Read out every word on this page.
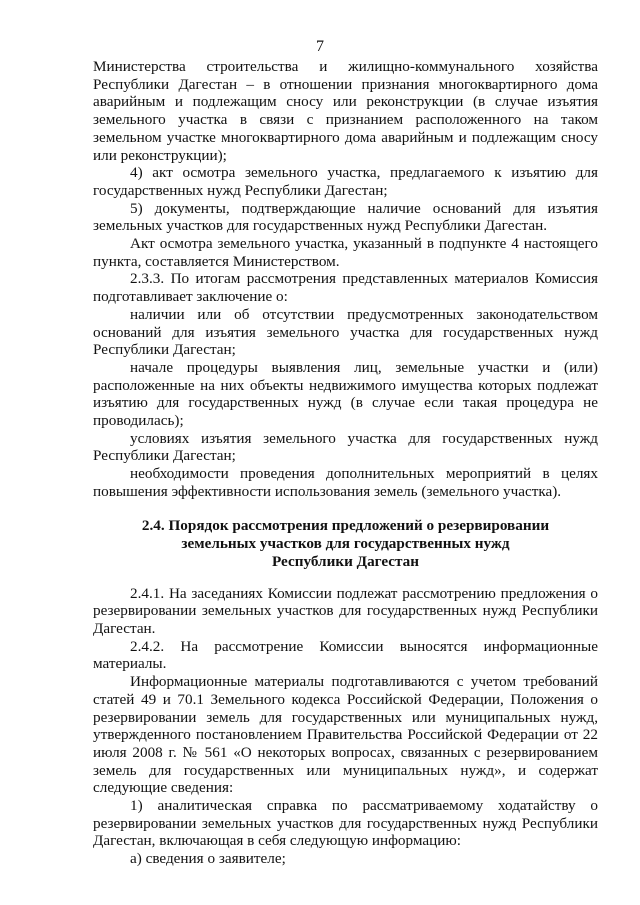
7

Министерства строительства и жилищно-коммунального хозяйства Республики Дагестан – в отношении признания многоквартирного дома аварийным и подлежащим сносу или реконструкции (в случае изъятия земельного участка в связи с признанием расположенного на таком земельном участке многоквартирного дома аварийным и подлежащим сносу или реконструкции);

4) акт осмотра земельного участка, предлагаемого к изъятию для государственных нужд Республики Дагестан;

5) документы, подтверждающие наличие оснований для изъятия земельных участков для государственных нужд Республики Дагестан.

Акт осмотра земельного участка, указанный в подпункте 4 настоящего пункта, составляется Министерством.

2.3.3. По итогам рассмотрения представленных материалов Комиссия подготавливает заключение о:

наличии или об отсутствии предусмотренных законодательством оснований для изъятия земельного участка для государственных нужд Республики Дагестан;

начале процедуры выявления лиц, земельные участки и (или) расположенные на них объекты недвижимого имущества которых подлежат изъятию для государственных нужд (в случае если такая процедура не проводилась);

условиях изъятия земельного участка для государственных нужд Республики Дагестан;

необходимости проведения дополнительных мероприятий в целях повышения эффективности использования земель (земельного участка).

2.4. Порядок рассмотрения предложений о резервировании
земельных участков для государственных нужд
Республики Дагестан

2.4.1. На заседаниях Комиссии подлежат рассмотрению предложения о резервировании земельных участков для государственных нужд Республики Дагестан.

2.4.2. На рассмотрение Комиссии выносятся информационные материалы.

Информационные материалы подготавливаются с учетом требований статей 49 и 70.1 Земельного кодекса Российской Федерации, Положения о резервировании земель для государственных или муниципальных нужд, утвержденного постановлением Правительства Российской Федерации от 22 июля 2008 г. № 561 «О некоторых вопросах, связанных с резервированием земель для государственных или муниципальных нужд», и содержат следующие сведения:

1) аналитическая справка по рассматриваемому ходатайству о резервировании земельных участков для государственных нужд Республики Дагестан, включающая в себя следующую информацию:

а) сведения о заявителе;
